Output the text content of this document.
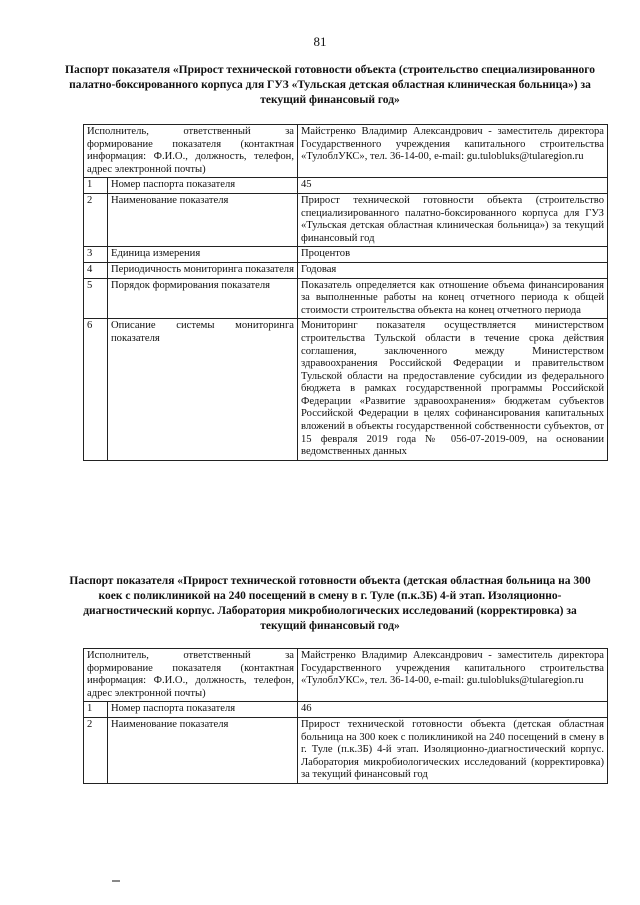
81
Паспорт показателя «Прирост технической готовности объекта (строительство специализированного палатно-боксированного корпуса для ГУЗ «Тульская детская областная клиническая больница») за текущий финансовый год»
Исполнитель, ответственный за формирование показателя (контактная информация: Ф.И.О., должность, телефон, адрес электронной почты)		Майстренко Владимир Александрович - заместитель директора Государственного учреждения капитального строительства «ТулоблУКС», тел. 36-14-00, e-mail: gu.tulobluks@tularegion.ru
1	Номер паспорта показателя	45
2	Наименование показателя	Прирост технической готовности объекта (строительство специализированного палатно-боксированного корпуса для ГУЗ «Тульская детская областная клиническая больница») за текущий финансовый год
3	Единица измерения	Процентов
4	Периодичность мониторинга показателя	Годовая
5	Порядок формирования показателя	Показатель определяется как отношение объема финансирования за выполненные работы на конец отчетного периода к общей стоимости строительства объекта на конец отчетного периода
6	Описание системы мониторинга показателя	Мониторинг показателя осуществляется министерством строительства Тульской области в течение срока действия соглашения, заключенного между Министерством здравоохранения Российской Федерации и правительством Тульской области на предоставление субсидии из федерального бюджета в рамках государственной программы Российской Федерации «Развитие здравоохранения» бюджетам субъектов Российской Федерации в целях софинансирования капитальных вложений в объекты государственной собственности субъектов, от 15 февраля 2019 года № 056-07-2019-009, на основании ведомственных данных
Паспорт показателя «Прирост технической готовности объекта (детская областная больница на 300 коек с поликлиникой на 240 посещений в смену в г. Туле (п.к.3Б) 4-й этап. Изоляционно-диагностический корпус. Лаборатория микробиологических исследований (корректировка) за текущий финансовый год»
Исполнитель, ответственный за формирование показателя (контактная информация: Ф.И.О., должность, телефон, адрес электронной почты)		Майстренко Владимир Александрович - заместитель директора Государственного учреждения капитального строительства «ТулоблУКС», тел. 36-14-00, e-mail: gu.tulobluks@tularegion.ru
1	Номер паспорта показателя	46
2	Наименование показателя	Прирост технической готовности объекта (детская областная больница на 300 коек с поликлиникой на 240 посещений в смену в г. Туле (п.к.3Б) 4-й этап. Изоляционно-диагностический корпус. Лаборатория микробиологических исследований (корректировка) за текущий финансовый год
